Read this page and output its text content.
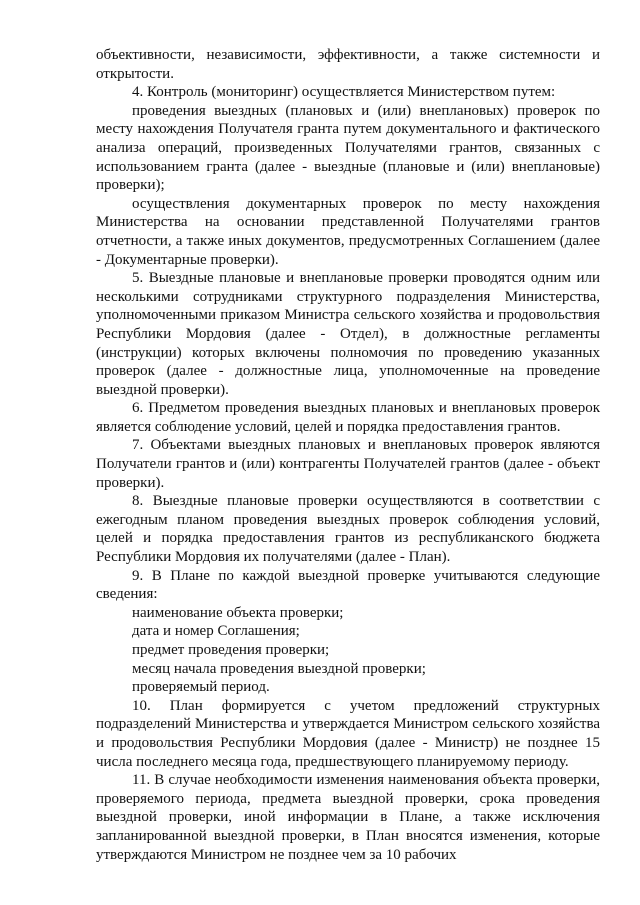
объективности, независимости, эффективности, а также системности и открытости.

4. Контроль (мониторинг) осуществляется Министерством путем:

проведения выездных (плановых и (или) внеплановых) проверок по месту нахождения Получателя гранта путем документального и фактического анализа операций, произведенных Получателями грантов, связанных с использованием гранта (далее - выездные (плановые и (или) внеплановые) проверки);

осуществления документарных проверок по месту нахождения Министерства на основании представленной Получателями грантов отчетности, а также иных документов, предусмотренных Соглашением (далее - Документарные проверки).

5. Выездные плановые и внеплановые проверки проводятся одним или несколькими сотрудниками структурного подразделения Министерства, уполномоченными приказом Министра сельского хозяйства и продовольствия Республики Мордовия (далее - Отдел), в должностные регламенты (инструкции) которых включены полномочия по проведению указанных проверок (далее - должностные лица, уполномоченные на проведение выездной проверки).

6. Предметом проведения выездных плановых и внеплановых проверок является соблюдение условий, целей и порядка предоставления грантов.

7. Объектами выездных плановых и внеплановых проверок являются Получатели грантов и (или) контрагенты Получателей грантов (далее - объект проверки).

8. Выездные плановые проверки осуществляются в соответствии с ежегодным планом проведения выездных проверок соблюдения условий, целей и порядка предоставления грантов из республиканского бюджета Республики Мордовия их получателями (далее - План).

9. В Плане по каждой выездной проверке учитываются следующие сведения:

наименование объекта проверки;

дата и номер Соглашения;

предмет проведения проверки;

месяц начала проведения выездной проверки;

проверяемый период.

10. План формируется с учетом предложений структурных подразделений Министерства и утверждается Министром сельского хозяйства и продовольствия Республики Мордовия (далее - Министр) не позднее 15 числа последнего месяца года, предшествующего планируемому периоду.

11. В случае необходимости изменения наименования объекта проверки, проверяемого периода, предмета выездной проверки, срока проведения выездной проверки, иной информации в Плане, а также исключения запланированной выездной проверки, в План вносятся изменения, которые утверждаются Министром не позднее чем за 10 рабочих
